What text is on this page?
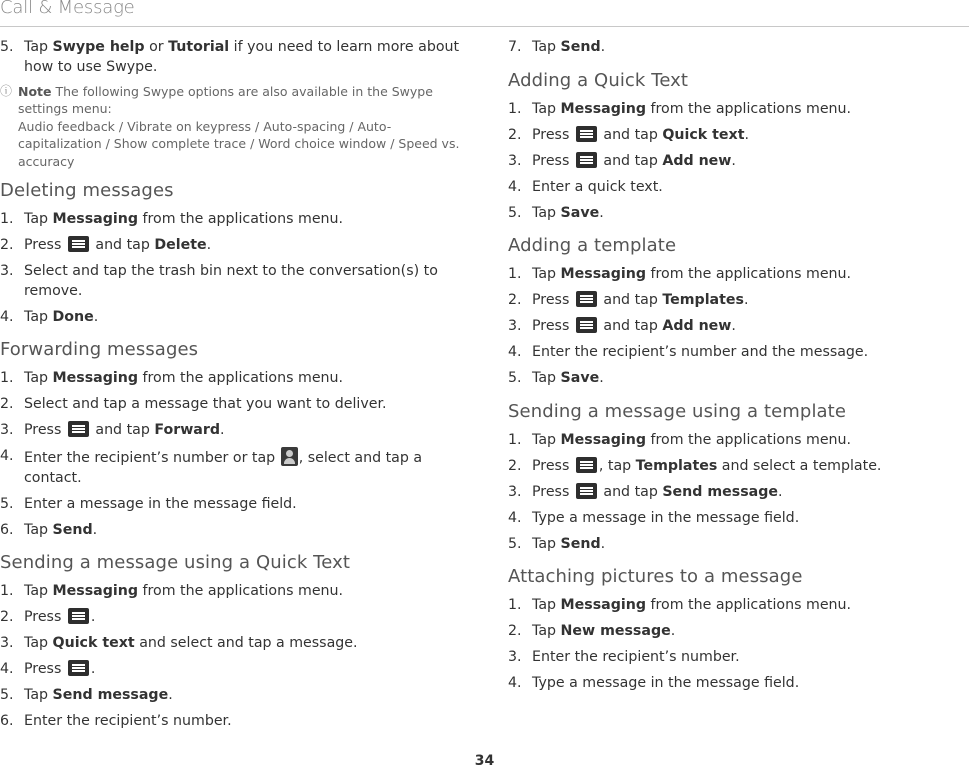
Call & Message
5. Tap Swype help or Tutorial if you need to learn more about how to use Swype.
ⓘ Note The following Swype options are also available in the Swype settings menu:
Audio feedback / Vibrate on keypress / Auto-spacing / Auto-capitalization / Show complete trace / Word choice window / Speed vs. accuracy
Deleting messages
1. Tap Messaging from the applications menu.
2. Press
and tap Delete.
3. Select and tap the trash bin next to the conversation(s) to remove.
4. Tap Done.
Forwarding messages
1. Tap Messaging from the applications menu.
2. Select and tap a message that you want to deliver.
3. Press
and tap Forward.
4. Enter the recipient’s number or tap , select and tap a contact.
5. Enter a message in the message field.
6. Tap Send.
Sending a message using a Quick Text
1. Tap Messaging from the applications menu.
2. Press
.
3. Tap Quick text and select and tap a message.
4. Press
.
5. Tap Send message.
6. Enter the recipient’s number.
7. Tap Send.
Adding a Quick Text
1. Tap Messaging from the applications menu.
2. Press
and tap Quick text.
3. Press
and tap Add new.
4. Enter a quick text.
5. Tap Save.
Adding a template
1. Tap Messaging from the applications menu.
2. Press
and tap Templates.
3. Press
and tap Add new.
4. Enter the recipient’s number and the message.
5. Tap Save.
Sending a message using a template
1. Tap Messaging from the applications menu.
2. Press
, tap Templates and select a template.
3. Press
and tap Send message.
4. Type a message in the message field.
5. Tap Send.
Attaching pictures to a message
1. Tap Messaging from the applications menu.
2. Tap New message.
3. Enter the recipient’s number.
4. Type a message in the message field.
34
